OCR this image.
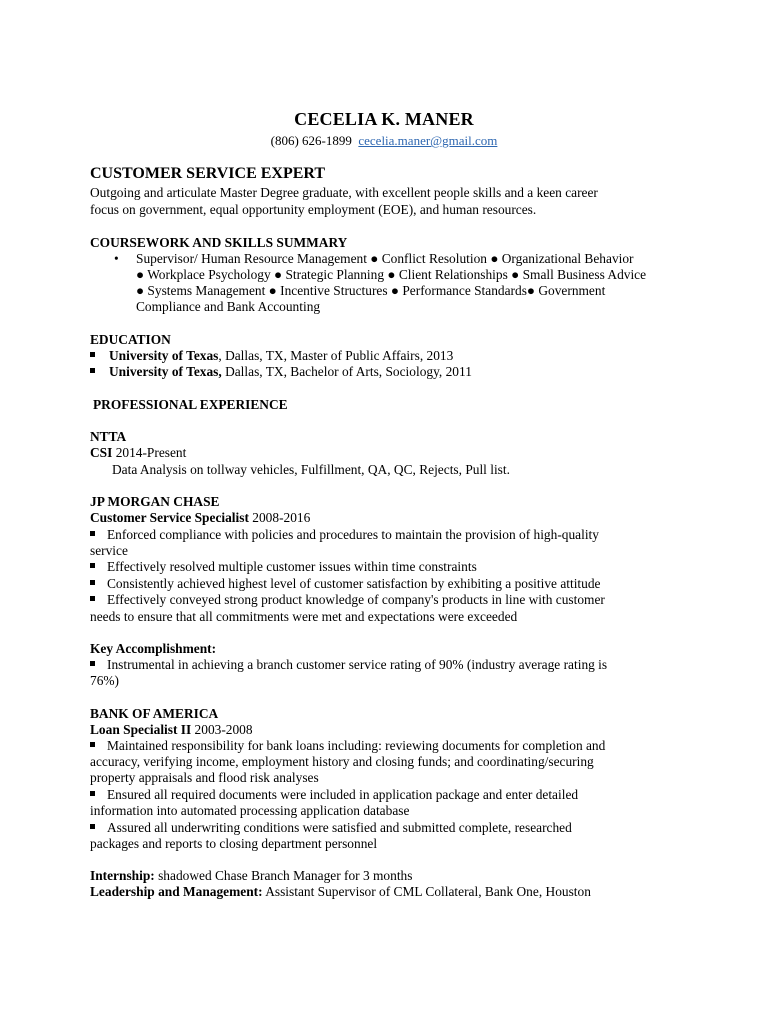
CECELIA K. MANER
(806) 626-1899 cecelia.maner@gmail.com
CUSTOMER SERVICE EXPERT
Outgoing and articulate Master Degree graduate, with excellent people skills and a keen career
focus on government, equal opportunity employment (EOE), and human resources.
COURSEWORK AND SKILLS SUMMARY
• Supervisor/ Human Resource Management ● Conflict Resolution ● Organizational Behavior
● Workplace Psychology ● Strategic Planning ● Client Relationships ● Small Business Advice
● Systems Management ● Incentive Structures ● Performance Standards● Government
Compliance and Bank Accounting
EDUCATION
University of Texas, Dallas, TX, Master of Public Affairs, 2013
University of Texas, Dallas, TX, Bachelor of Arts, Sociology, 2011
PROFESSIONAL EXPERIENCE
NTTA
CSI 2014-Present
Data Analysis on tollway vehicles, Fulfillment, QA, QC, Rejects, Pull list.
JP MORGAN CHASE
Customer Service Specialist 2008-2016
Enforced compliance with policies and procedures to maintain the provision of high-quality
service
Effectively resolved multiple customer issues within time constraints
Consistently achieved highest level of customer satisfaction by exhibiting a positive attitude
Effectively conveyed strong product knowledge of company's products in line with customer
needs to ensure that all commitments were met and expectations were exceeded
Key Accomplishment:
Instrumental in achieving a branch customer service rating of 90% (industry average rating is
76%)
BANK OF AMERICA
Loan Specialist II 2003-2008
Maintained responsibility for bank loans including: reviewing documents for completion and
accuracy, verifying income, employment history and closing funds; and coordinating/securing
property appraisals and flood risk analyses
Ensured all required documents were included in application package and enter detailed
information into automated processing application database
Assured all underwriting conditions were satisfied and submitted complete, researched
packages and reports to closing department personnel
Internship: shadowed Chase Branch Manager for 3 months
Leadership and Management: Assistant Supervisor of CML Collateral, Bank One, Houston
